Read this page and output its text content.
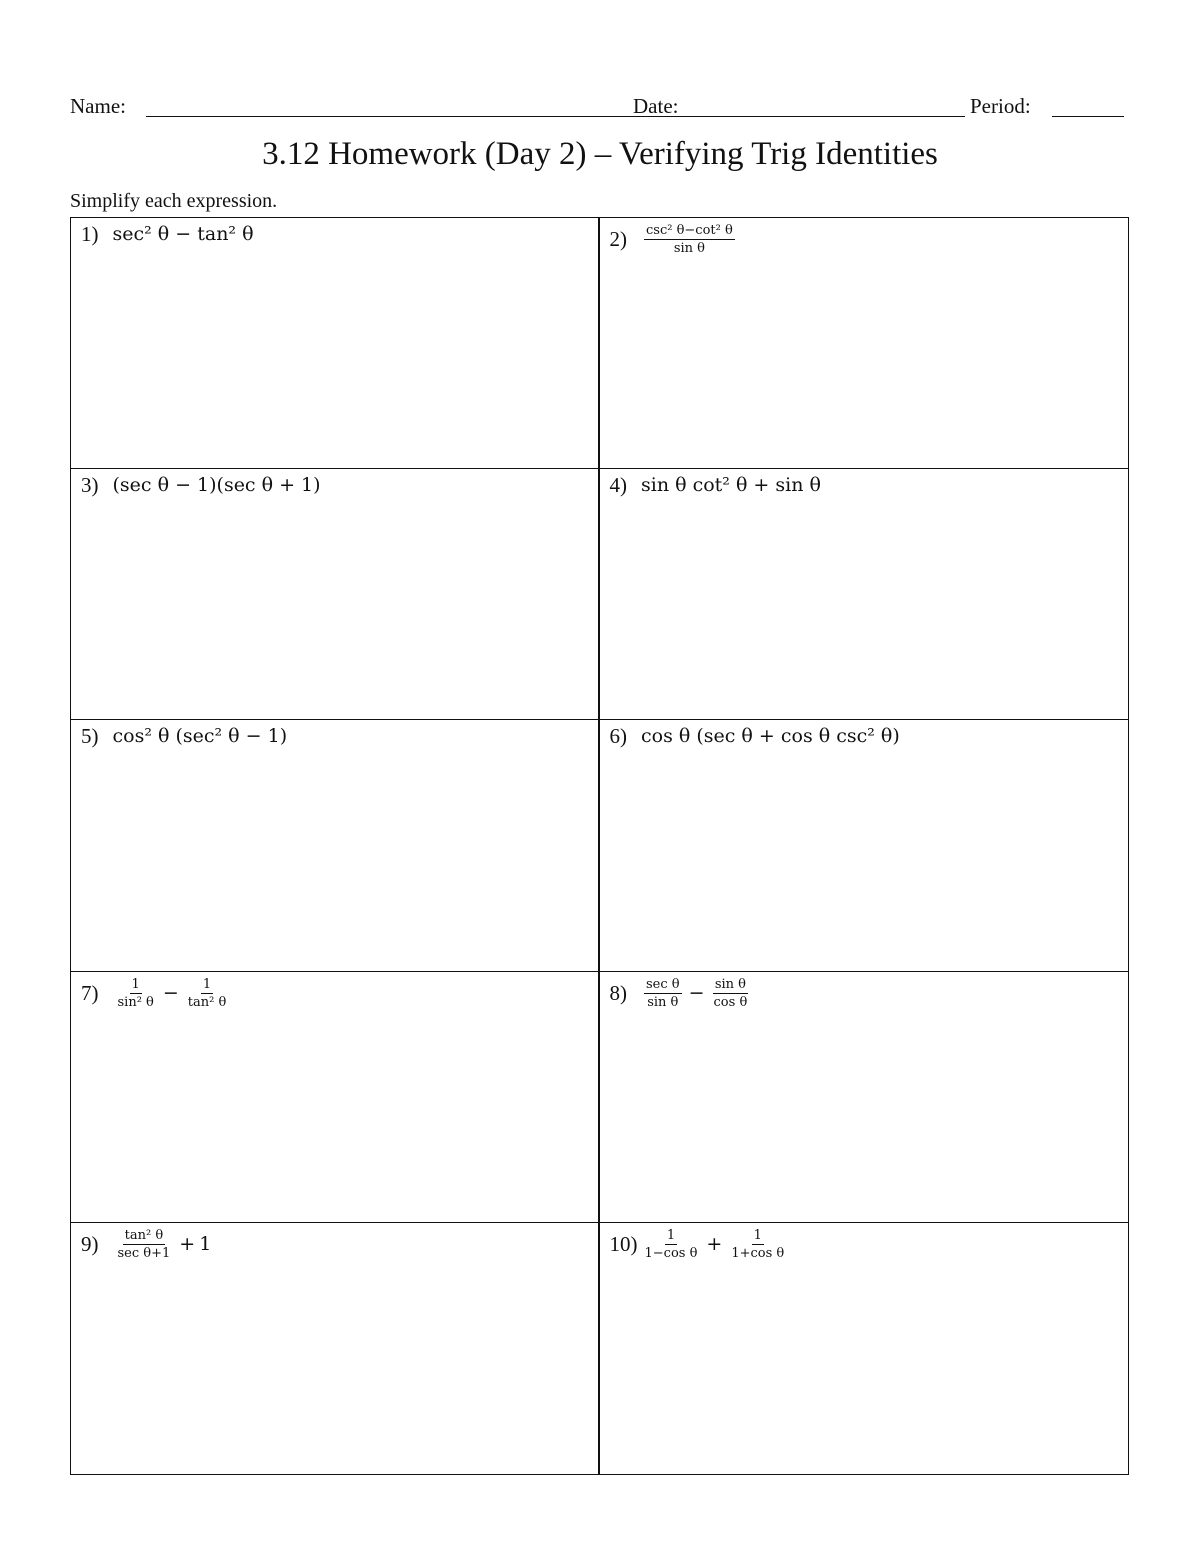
Name:	Date:	Period:
3.12 Homework (Day 2) – Verifying Trig Identities
Simplify each expression.
1) sec² θ − tan² θ	$2) \frac{\text{csc² θ−cot² θ}}{\text{sin θ}}$
3) (sec θ − 1)(sec θ + 1)	4) sin θ cot² θ + sin θ
5) cos² θ (sec² θ − 1)	6) cos θ (sec θ + cos θ csc² θ)
$7) \frac{1}{\text{sin² θ}} - \frac{1}{\text{tan² θ}}$	$8) \frac{\text{sec θ}}{\text{sin θ}} - \frac{\text{sin θ}}{\text{cos θ}}$
$9) \frac{\text{tan² θ}}{\text{sec θ+1}} + 1$	$10) \frac{1}{\text{1−cos θ}} + \frac{1}{\text{1+cos θ}}$
